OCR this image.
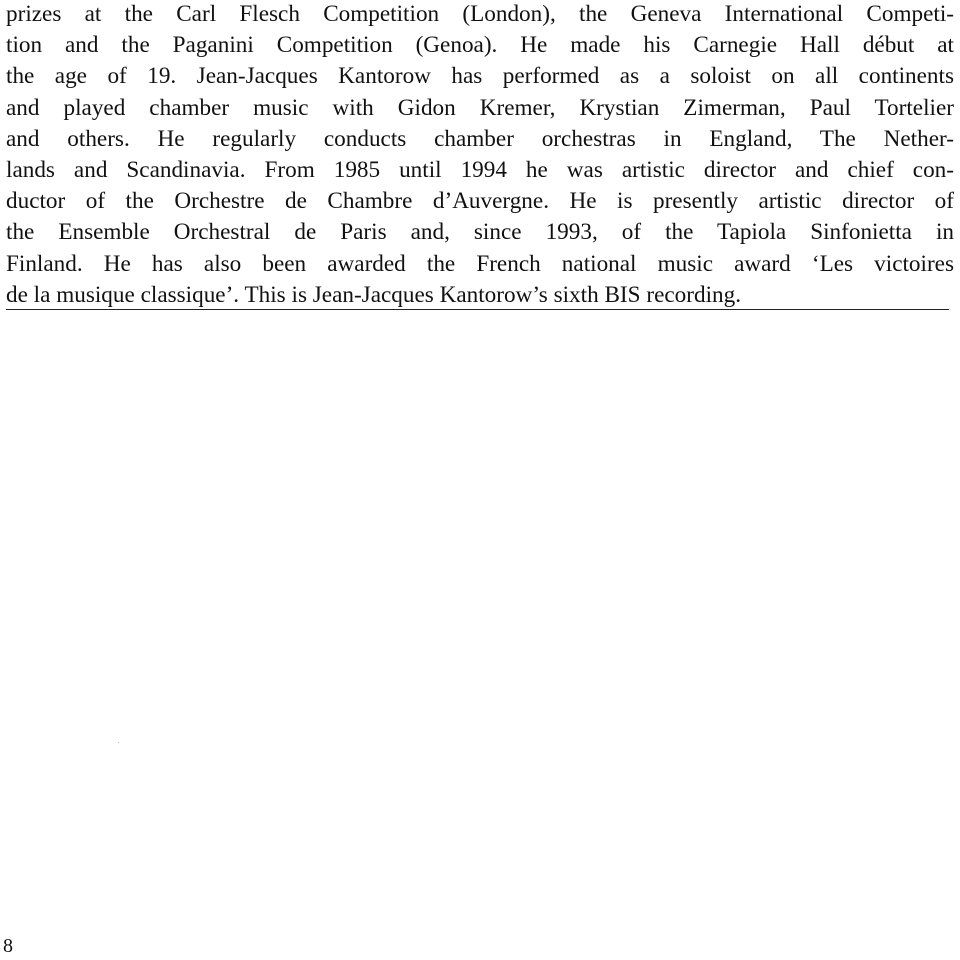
prizes at the Carl Flesch Competition (London), the Geneva International Competi-
tion and the Paganini Competition (Genoa). He made his Carnegie Hall début at
the age of 19. Jean-Jacques Kantorow has performed as a soloist on all continents
and played chamber music with Gidon Kremer, Krystian Zimerman, Paul Tortelier
and others. He regularly conducts chamber orchestras in England, The Nether-
lands and Scandinavia. From 1985 until 1994 he was artistic director and chief con-
ductor of the Orchestre de Chambre d’Auvergne. He is presently artistic director of
the Ensemble Orchestral de Paris and, since 1993, of the Tapiola Sinfonietta in
Finland. He has also been awarded the French national music award ‘Les victoires
de la musique classique’. This is Jean-Jacques Kantorow’s sixth BIS recording.

8
